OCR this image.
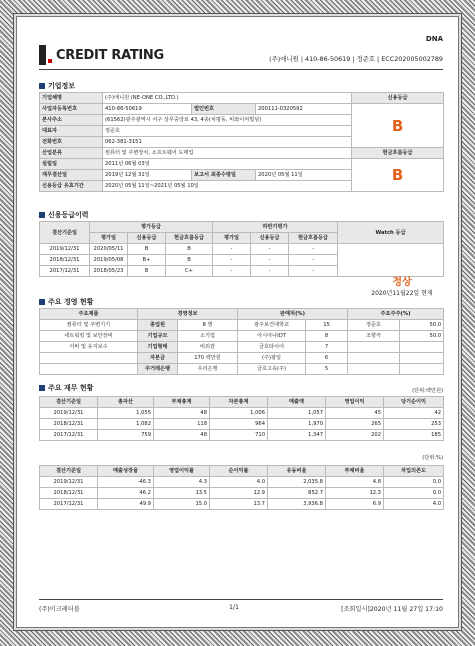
CREDIT RATING
DNA
(주)애니원 | 410-86-50619 | 정준호 | ECC202005002789
기업정보
기업체명	(주)애니원 (NE-ONE CO.,LTD.)			신용등급
사업자등록번호	410-86-50619	법인번호	200111-0320592	B
본사주소	(61562)광주광역시 서구 상무중앙로 43, 4층(치평동, 비와이씨빌딩)			
대표자	정준호			
전화번호	062-381-3151			
산업분류	컴퓨터 및 주변장치, 소프트웨어 도매업			현금흐름등급
설립일	2011년 06월 03일			B
재무결산일	2019년 12월 31일	보고서 최종수령일	2020년 05월 11일	
신용등급 유효기간	2020년 05월 11일~2021년 05월 10일			
신용등급이력
결산기준일	평가등급			하반기평가			Watch 등급
	평가일	신용등급	현금흐름등급	평가일	신용등급	현금흐름등급	
2019/12/31	2020/05/11	B	B	-	-	-	
2018/12/31	2019/05/08	B+	B	-	-	-	
2017/12/31	2018/05/23	B	C+	-	-	-	
정상
2020년11월22일 현재
주요 경영 현황
주요제품	경영정보		판매처(%)		주요주주(%)	
컴퓨터 및 주변기기	종업원	8 명	광주보건대학교	15	정준호	50.0
네트워킹 및 보안장비	기업규모	소기업	아시아나IDT	8	조향극	50.0
서버 및 유지보수	기업형태	비외감	금호타이어	7		
	자본금	170 백만원	(주)광일	6		
	주거래은행	우리은행	금호고속(주)	5		
주요 재무 현황	(단위:백만원)
결산기준일	총자산	부채총계	자본총계	매출액	영업이익	당기순이익
2019/12/31	1,055	48	1,006	1,057	45	42
2018/12/31	1,082	118	964	1,970	265	253
2017/12/31	759	48	710	1,347	202	185
(단위:%)
결산기준일	매출성장율	영업이익률	순이익률	유동비율	부채비율	차입의존도
2019/12/31	-46.3	4.3	4.0	2,035.8	4.8	0.0
2018/12/31	46.2	13.5	12.9	852.7	12.3	0.0
2017/12/31	49.9	15.0	13.7	3,936.8	6.9	4.0
(주)이크레더블	1/1	[조회일시]2020년 11월 27일 17:10
